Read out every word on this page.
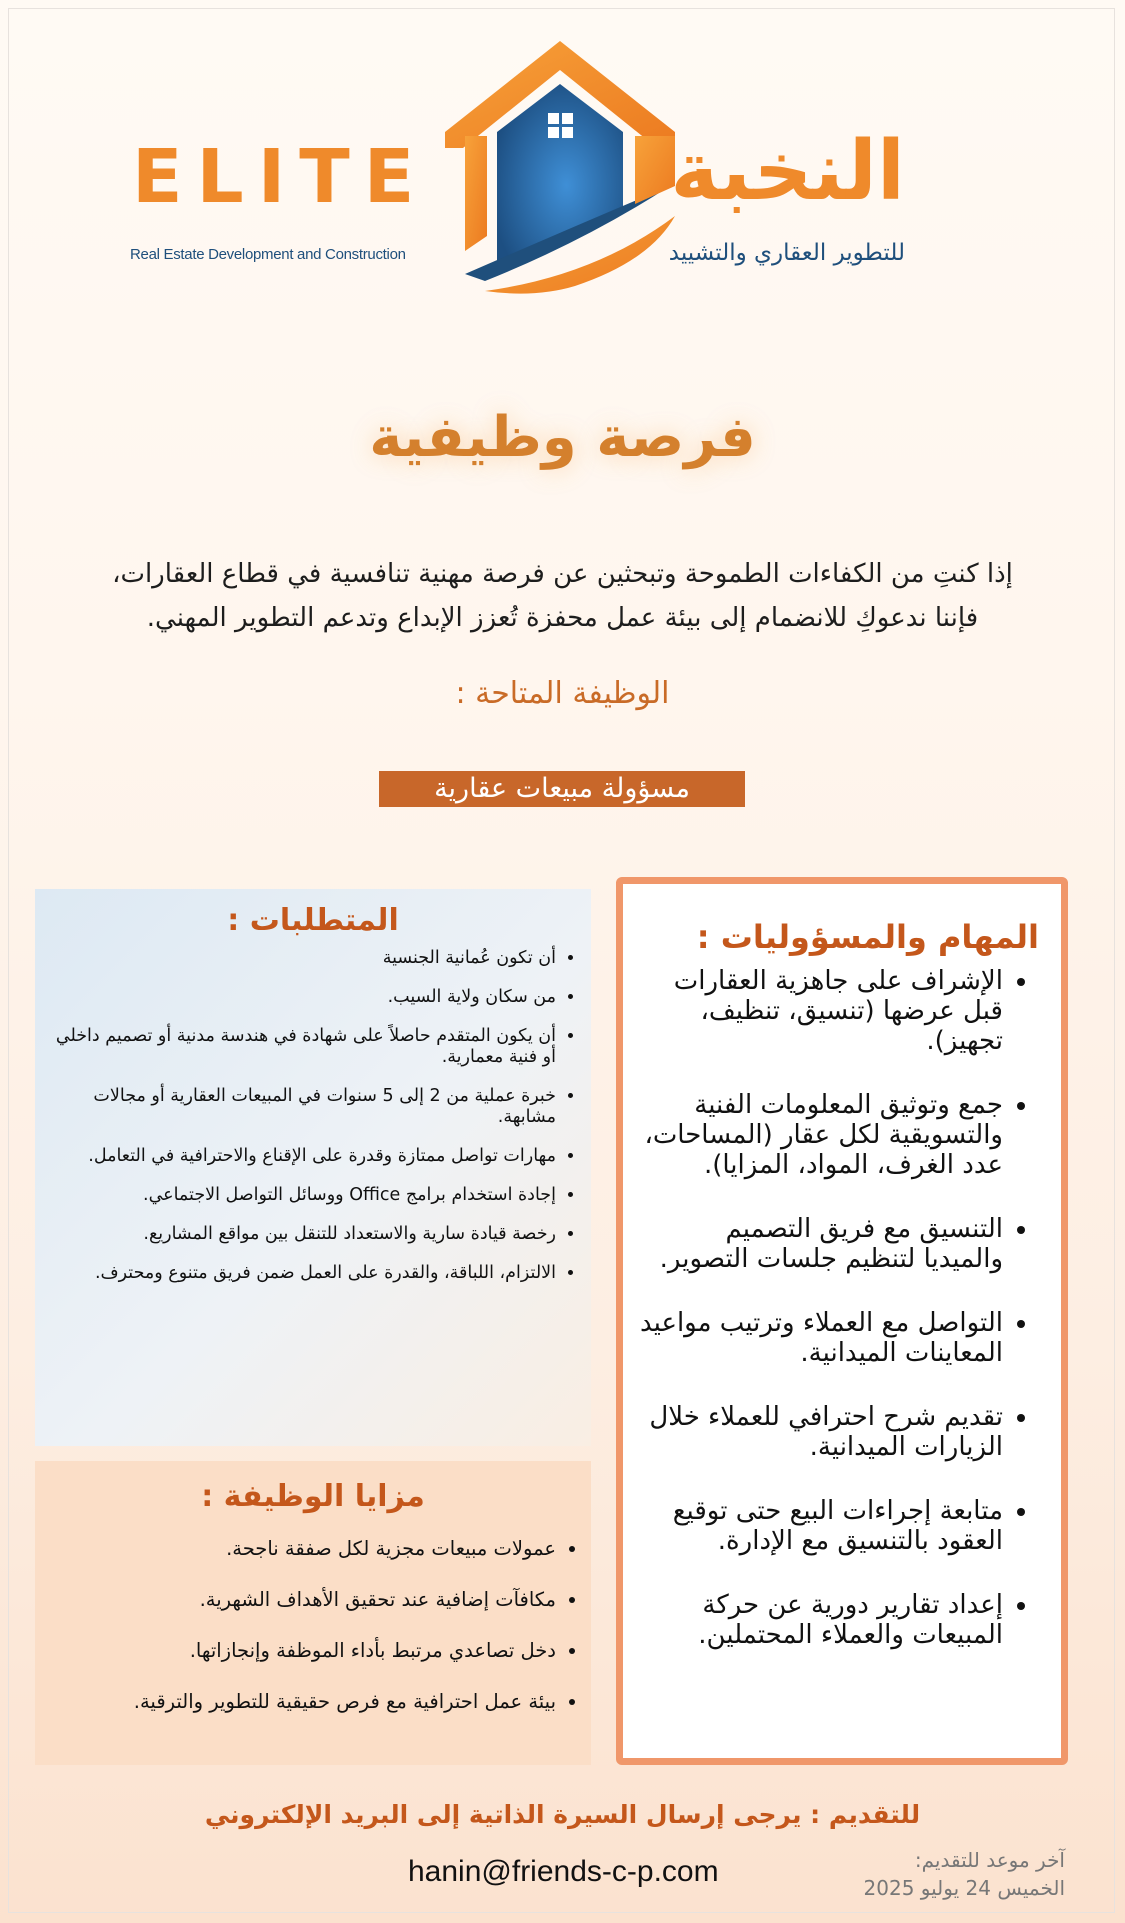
ELITE
Real Estate Development and Construction
النخبة
للتطوير العقاري والتشييد
فرصة وظيفية
إذا كنتِ من الكفاءات الطموحة وتبحثين عن فرصة مهنية تنافسية في قطاع العقارات،
فإننا ندعوكِ للانضمام إلى بيئة عمل محفزة تُعزز الإبداع وتدعم التطوير المهني.
الوظيفة المتاحة :
مسؤولة مبيعات عقارية
المهام والمسؤوليات :
• الإشراف على جاهزية العقارات قبل عرضها (تنسيق، تنظيف، تجهيز).
• جمع وتوثيق المعلومات الفنية والتسويقية لكل عقار (المساحات، عدد الغرف، المواد، المزايا).
• التنسيق مع فريق التصميم والميديا لتنظيم جلسات التصوير.
• التواصل مع العملاء وترتيب مواعيد المعاينات الميدانية.
• تقديم شرح احترافي للعملاء خلال الزيارات الميدانية.
• متابعة إجراءات البيع حتى توقيع العقود بالتنسيق مع الإدارة.
• إعداد تقارير دورية عن حركة المبيعات والعملاء المحتملين.
المتطلبات :
• أن تكون عُمانية الجنسية
• من سكان ولاية السيب.
• أن يكون المتقدم حاصلاً على شهادة في هندسة مدنية أو تصميم داخلي أو فنية معمارية.
• خبرة عملية من 2 إلى 5 سنوات في المبيعات العقارية أو مجالات مشابهة.
• مهارات تواصل ممتازة وقدرة على الإقناع والاحترافية في التعامل.
• إجادة استخدام برامج Office ووسائل التواصل الاجتماعي.
• رخصة قيادة سارية والاستعداد للتنقل بين مواقع المشاريع.
• الالتزام، اللباقة، والقدرة على العمل ضمن فريق متنوع ومحترف.
مزايا الوظيفة :
• عمولات مبيعات مجزية لكل صفقة ناجحة.
• مكافآت إضافية عند تحقيق الأهداف الشهرية.
• دخل تصاعدي مرتبط بأداء الموظفة وإنجازاتها.
• بيئة عمل احترافية مع فرص حقيقية للتطوير والترقية.
للتقديم : يرجى إرسال السيرة الذاتية إلى البريد الإلكتروني
hanin@friends-c-p.com	آخر موعد للتقديم:
الخميس 24 يوليو 2025
